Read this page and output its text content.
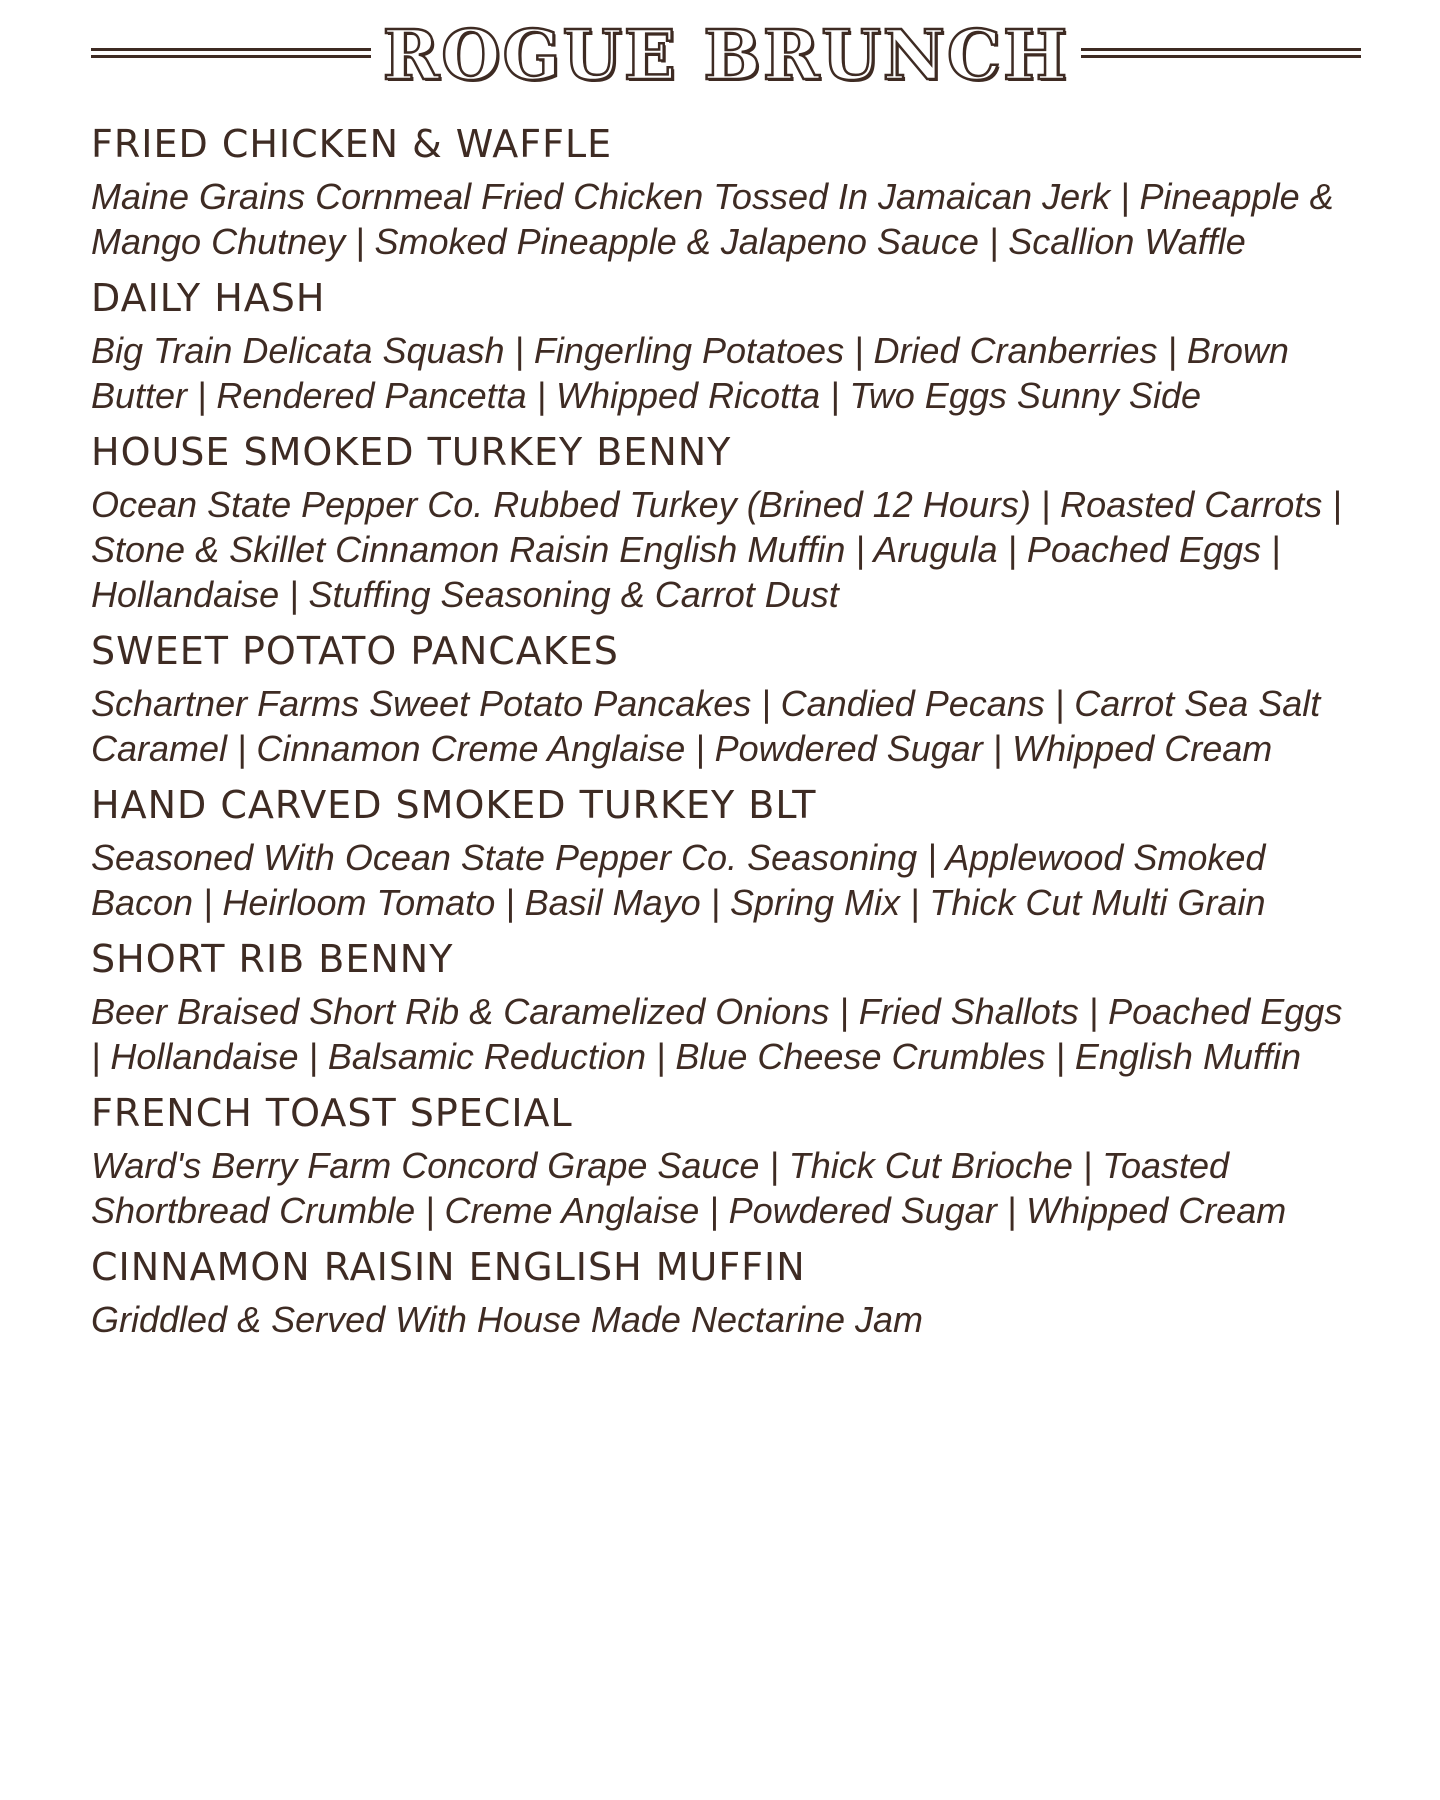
ROGUE BRUNCH
FRIED CHICKEN & WAFFLE
Maine Grains Cornmeal Fried Chicken Tossed In Jamaican Jerk | Pineapple & Mango Chutney | Smoked Pineapple & Jalapeno Sauce | Scallion Waffle
DAILY HASH
Big Train Delicata Squash | Fingerling Potatoes | Dried Cranberries | Brown Butter | Rendered Pancetta | Whipped Ricotta | Two Eggs Sunny Side
HOUSE SMOKED TURKEY BENNY
Ocean State Pepper Co. Rubbed Turkey (Brined 12 Hours) | Roasted Carrots | Stone & Skillet Cinnamon Raisin English Muffin | Arugula | Poached Eggs | Hollandaise | Stuffing Seasoning & Carrot Dust
SWEET POTATO PANCAKES
Schartner Farms Sweet Potato Pancakes | Candied Pecans | Carrot Sea Salt Caramel | Cinnamon Creme Anglaise | Powdered Sugar | Whipped Cream
HAND CARVED SMOKED TURKEY BLT
Seasoned With Ocean State Pepper Co. Seasoning | Applewood Smoked Bacon | Heirloom Tomato | Basil Mayo | Spring Mix | Thick Cut Multi Grain
SHORT RIB BENNY
Beer Braised Short Rib & Caramelized Onions | Fried Shallots | Poached Eggs | Hollandaise | Balsamic Reduction | Blue Cheese Crumbles | English Muffin
FRENCH TOAST SPECIAL
Ward's Berry Farm Concord Grape Sauce | Thick Cut Brioche | Toasted Shortbread Crumble | Creme Anglaise | Powdered Sugar | Whipped Cream
CINNAMON RAISIN ENGLISH MUFFIN
Griddled & Served With House Made Nectarine Jam
